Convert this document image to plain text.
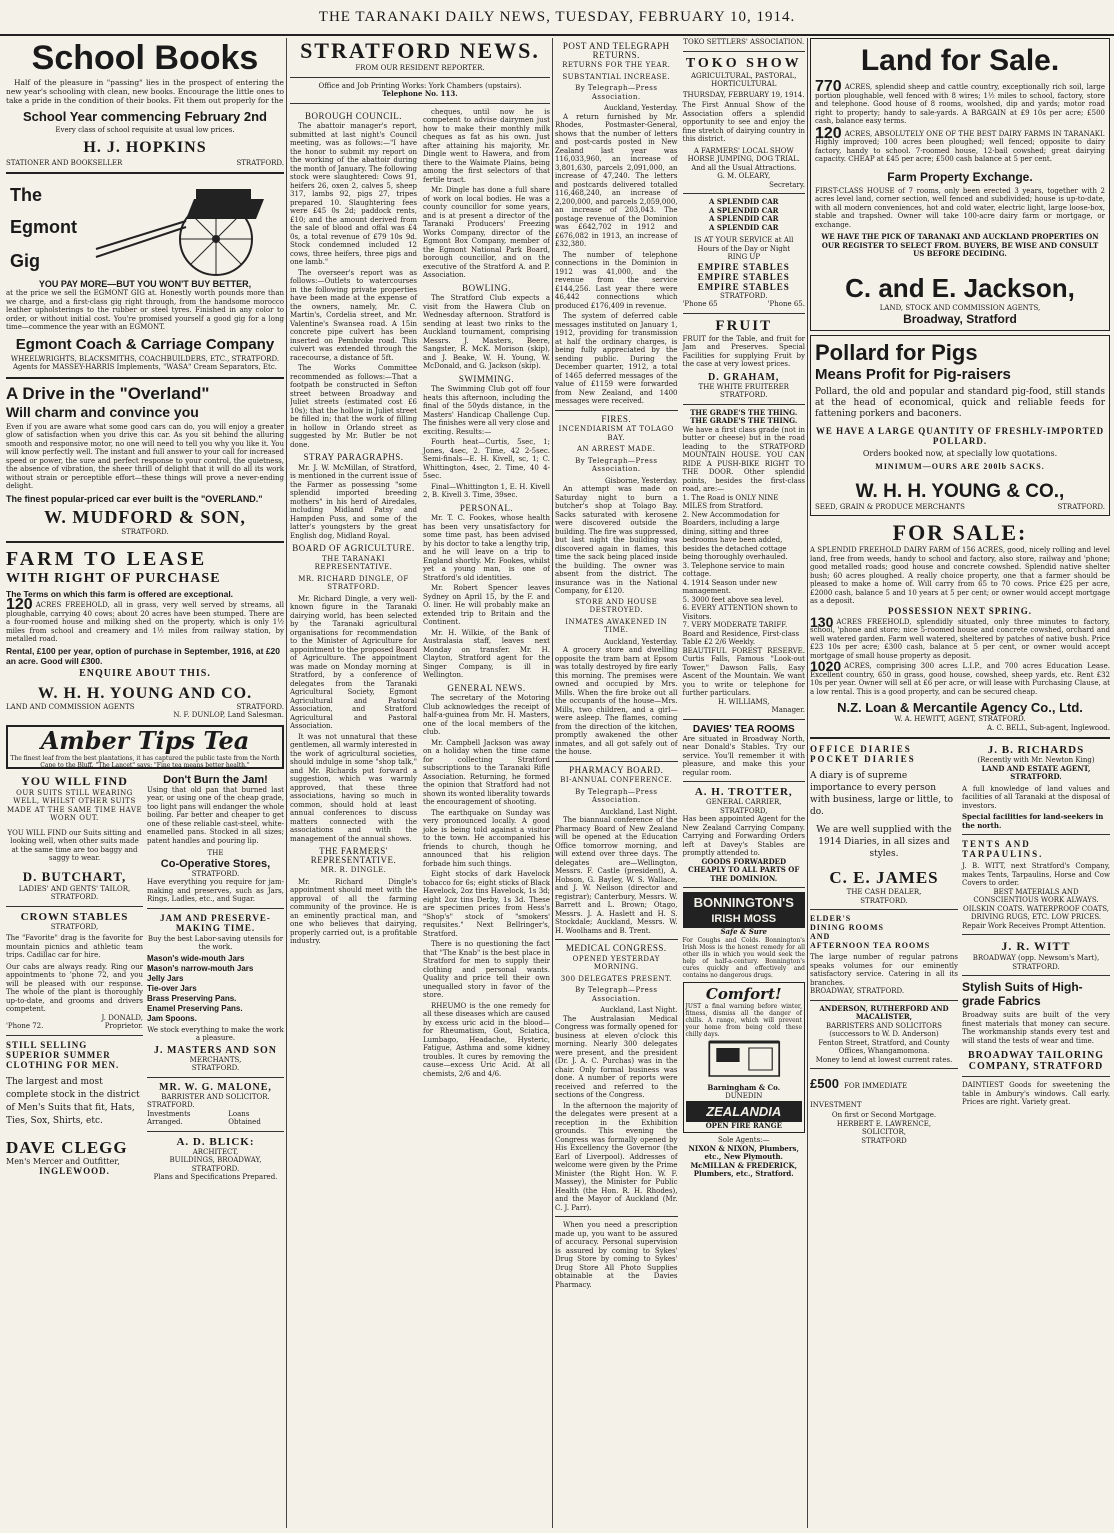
THE TARANAKI DAILY NEWS, TUESDAY, FEBRUARY 10, 1914.
School Books
Half of the pleasure in "passing" lies in the prospect of entering the new year's schooling with clean, new books. Encourage the little ones to take a pride in the condition of their books. Fit them out properly for the
School Year commencing February 2nd
Every class of school requisite at usual low prices.
H. J. HOPKINS
STATIONER AND BOOKSELLER	STRATFORD.
The
Egmont
Gig
YOU PAY MORE—BUT YOU WON'T BUY BETTER,
at the price we sell the EGMONT GIG at. Honestly worth pounds more than we charge, and a first-class gig right through, from the handsome morocco leather upholsterings to the rubber or steel tyres. Finished in any color to order, or without initial cost. You're promised yourself a good gig for a long time—commence the year with an EGMONT.
Egmont Coach & Carriage Company
WHEELWRIGHTS, BLACKSMITHS, COACHBUILDERS, ETC., STRATFORD.
Agents for MASSEY-HARRIS Implements, "WASA" Cream Separators, Etc.
A Drive in the "Overland"
Will charm and convince you
Even if you are aware what some good cars can do, you will enjoy a greater glow of satisfaction when you drive this car. As you sit behind the alluring smooth and responsive motor, no one will need to tell you why you like it. You will know perfectly well. The instant and full answer to your call for increased speed or power, the sure and perfect response to your control, the quietness, the absence of vibration, the sheer thrill of delight that it will do all its work without strain or perceptible effort—these things will prove a never-ending delight.
The finest popular-priced car ever built is the "OVERLAND."
W. MUDFORD & SON,
STRATFORD.
FARM TO LEASE
WITH RIGHT OF PURCHASE
The Terms on which this farm is offered are exceptional.
120 ACRES FREEHOLD, all in grass, very well served by streams, all ploughable, carrying 40 cows; about 20 acres have been stumped. There are a four-roomed house and milking shed on the property, which is only 1½ miles from school and creamery and 1½ miles from railway station, by metalled road.
Rental, £100 per year, option of purchase in September, 1916, at £20 an acre. Good will £300.
ENQUIRE ABOUT THIS.
W. H. H. YOUNG AND CO.
LAND AND COMMISSION AGENTS	STRATFORD.
N. F. DUNLOP, Land Salesman.
Amber Tips Tea
The finest leaf from the best plantations, it has captured the public taste from the North Cape to the Bluff. "The Lancet" says: "Fine tea means better health."
YOU WILL FIND
OUR SUITS STILL WEARING WELL, WHILST OTHER SUITS MADE AT THE SAME TIME HAVE WORN OUT.
YOU WILL FIND our Suits sitting and looking well, when other suits made at the same time are too baggy and saggy to wear.
D. BUTCHART,
LADIES' AND GENTS' TAILOR,
STRATFORD.
CROWN STABLES
STRATFORD,
The "Favorite" drag is the favorite for mountain picnics and athletic team trips. Cadillac car for hire.
Our cabs are always ready. Ring our appointments to 'phone 72, and you will be pleased with our response. The whole of the plant is thoroughly up-to-date, and grooms and drivers competent.
J. DONALD,
'Phone 72.	Proprietor.
STILL SELLING
SUPERIOR SUMMER
CLOTHING FOR MEN.
The largest and most complete stock in the district of Men's Suits that fit, Hats, Ties, Sox, Shirts, etc.
DAVE CLEGG
Men's Mercer and Outfitter,
INGLEWOOD.
Don't Burn the Jam!
Using that old pan that burned last year, or using one of the cheap grade, too light pans will endanger the whole boiling. Far better and cheaper to get one of these reliable cast-steel, white-enamelled pans. Stocked in all sizes; patent handles and pouring lip.
THE
Co-Operative Stores,
STRATFORD.
Have everything you require for jam-making and preserves, such as Jars, Rings, Ladles, etc., and Sugar.
JAM AND PRESERVE-MAKING TIME.
Buy the best Labor-saving utensils for the work.
Mason's wide-mouth Jars
Mason's narrow-mouth Jars
Jelly Jars
Tie-over Jars
Brass Preserving Pans.
Enamel Preserving Pans.
Jam Spoons.
We stock everything to make the work a pleasure.
J. MASTERS AND SON
MERCHANTS,
STRATFORD.
MR. W. G. MALONE,
BARRISTER AND SOLICITOR.
STRATFORD.
Investments Arranged.
Loans Obtained
A. D. BLICK:
ARCHITECT,
BUILDINGS, BROADWAY, STRATFORD.
Plans and Specifications Prepared.
STRATFORD NEWS.
FROM OUR RESIDENT REPORTER.
Office and Job Printing Works: York Chambers (upstairs).
Telephone No. 113.
BOROUGH COUNCIL.

The abattoir manager's report, submitted at last night's Council meeting, was as follows:—"I have the honor to submit my report on the working of the abattoir during the month of January. The following stock were slaughtered: Cows 91, heifers 26, oxen 2, calves 5, sheep 317, lambs 92, pigs 27, tripes prepared 10. Slaughtering fees were £45 0s 2d; paddock rents, £10; and the amount derived from the sale of blood and offal was £4 0s, a total revenue of £79 10s 9d. Stock condemned included 12 cows, three heifers, three pigs and one lamb."

The overseer's report was as follows:—Outlets to watercourses in the following private properties have been made at the expense of the owners, namely, Mr. C. Martin's, Cordelia street, and Mr. Valentine's Swansea road. A 15in concrete pipe culvert has been inserted on Pembroke road. This culvert was extended through the racecourse, a distance of 5ft.

The Works Committee recommended as follows:—That a footpath be constructed in Sefton street between Broadway and Juliet streets (estimated cost £6 10s); that the hollow in Juliet street be filled in; that the work of filling in hollow in Orlando street as suggested by Mr. Butler be not done.

STRAY PARAGRAPHS.

Mr. J. W. McMillan, of Stratford, is mentioned in the current issue of the Farmer as possessing "some splendid imported breeding mothers" in his herd of Airedales, including Midland Patsy and Hampden Puss, and some of the latter's youngsters by the great English dog, Midland Royal.

BOARD OF AGRICULTURE.
THE TARANAKI REPRESENTATIVE.
MR. RICHARD DINGLE, OF STRATFORD.

Mr. Richard Dingle, a very well-known figure in the Taranaki dairying world, has been selected by the Taranaki agricultural organisations for recommendation to the Minister of Agriculture for appointment to the proposed Board of Agriculture. The appointment was made on Monday morning at Stratford, by a conference of delegates from the Taranaki Agricultural Society, Egmont Agricultural and Pastoral Association, and Stratford Agricultural and Pastoral Association.

It was not unnatural that these gentlemen, all warmly interested in the work of agricultural societies, should indulge in some "shop talk," and Mr. Richards put forward a suggestion, which was warmly approved, that these three associations, having so much in common, should hold at least annual conferences to discuss matters connected with the associations and with the management of the annual shows.

THE FARMERS' REPRESENTATIVE.
MR. R. DINGLE.

Mr. Richard Dingle's appointment should meet with the approval of all the farming community of the province. He is an eminently practical man, and one who believes that dairying, properly carried out, is a profitable industry.

cheques, until now he is competent to advise dairymen just how to make their monthly milk cheques as fat as his own. Just after attaining his majority, Mr. Dingle went to Hawera, and from there to the Waimate Plains, being among the first selectors of that fertile tract.

Mr. Dingle has done a full share of work on local bodies. He was a county councillor for some years, and is at present a director of the Taranaki Producers' Freezing Works Company, director of the Egmont Box Company, member of the Egmont National Park Board, borough councillor, and on the executive of the Stratford A. and P. Association.

BOWLING.

The Stratford Club expects a visit from the Hawera Club on Wednesday afternoon. Stratford is sending at least two rinks to the Auckland tournament, comprising Messrs. J. Masters, Beere, Sangster, R. McK. Morison (skip), and J. Beake, W. H. Young, W. McDonald, and G. Jackson (skip).

SWIMMING.

The Swimming Club got off four heats this afternoon, including the final of the 50yds distance, in the Masters' Handicap Challenge Cup. The finishes were all very close and exciting. Results:—

Fourth heat—Curtis, 5sec, 1; Jones, 4sec, 2. Time, 42 2-5sec. Semi-finals—E. H. Kivell, sc, 1; C. Whittington, 4sec, 2. Time, 40 4-5sec.

Final—Whittington 1, E. H. Kivell 2, B. Kivell 3. Time, 39sec.

PERSONAL.

Mr. T. C. Fookes, whose health has been very unsatisfactory for some time past, has been advised by his doctor to take a lengthy trip, and he will leave on a trip to England shortly. Mr. Fookes, whilst yet a young man, is one of Stratford's old identities.

Mr. Robert Spencer leaves Sydney on April 15, by the F. and O. liner. He will probably make an extended trip to Britain and the Continent.

Mr. H. Wilkie, of the Bank of Australasia staff, leaves next Monday on transfer. Mr. H. Clayton, Stratford agent for the Singer Company, is ill in Wellington.

GENERAL NEWS.

The secretary of the Motoring Club acknowledges the receipt of half-a-guinea from Mr. H. Masters, one of the local members of the club.

Mr. Campbell Jackson was away on a holiday when the time came for collecting Stratford subscriptions to the Taranaki Rifle Association. Returning, he formed the opinion that Stratford had not shown its wonted liberality towards the encouragement of shooting.

The earthquake on Sunday was very pronounced locally. A good joke is being told against a visitor to the town. He accompanied his friends to church, though he announced that his religion forbade him such things.

Eight stocks of dark Havelock tobacco for 6s; eight sticks of Black Havelock, 2oz tins Havelock, 1s 3d; eight 2oz tins Derby, 1s 3d. These are specimen prices from Hess's "Shop's" stock of "smokers' requisites." Next Bellringer's, Stratford.

There is no questioning the fact that "The Knab" is the best place in Stratford for men to supply their clothing and personal wants. Quality and price tell their own unequalled story in favor of the store.

RHEUMO is the one remedy for all these diseases which are caused by excess uric acid in the blood—for Rheumatism, Gout, Sciatica, Lumbago, Headache, Hysteric, Fatigue, Asthma and some kidney troubles. It cures by removing the cause—excess Uric Acid. At all chemists, 2/6 and 4/6.

POST AND TELEGRAPH RETURNS.
RETURNS FOR THE YEAR.
SUBSTANTIAL INCREASE.
By Telegraph—Press Association.
Auckland, Yesterday.

A return furnished by Mr. Rhodes, Postmaster-General, shows that the number of letters and post-cards posted in New Zealand last year was 116,033,960, an increase of 3,801,630, parcels 2,091,000, an increase of 47,240. The letters and postcards delivered totalled 116,468,240, an increase of 2,200,000, and parcels 2,059,000, an increase of 203,043. The postage revenue of the Dominion was £642,702 in 1912 and £676,082 in 1913, an increase of £32,380.

The number of telephone connections in the Dominion in 1912 was 41,000, and the revenue from the service £144,256. Last year there were 46,442 connections which produced £176,409 in revenue.

The system of deferred cable messages instituted on January 1, 1912, providing for transmission at half the ordinary charges, is being fully appreciated by the sending public. During the December quarter, 1912, a total of 1465 deferred messages of the value of £1159 were forwarded from New Zealand, and 1400 messages were received.

FIRES.
INCENDIARISM AT TOLAGO BAY.
AN ARREST MADE.
By Telegraph—Press Association.
Gisborne, Yesterday.

An attempt was made on Saturday night to burn a butcher's shop at Tolago Bay. Sacks saturated with kerosene were discovered outside the building. The fire was suppressed, but last night the building was discovered again in flames, this time the sack being placed inside the building. The owner was absent from the district. The insurance was in the National Company, for £120.

STORE AND HOUSE DESTROYED.
INMATES AWAKENED IN TIME.
Auckland, Yesterday.

A grocery store and dwelling opposite the tram barn at Epsom was totally destroyed by fire early this morning. The premises were owned and occupied by Mrs. Mills. When the fire broke out all the occupants of the house—Mrs. Mills, two children, and a girl—were asleep. The flames, coming from the direction of the kitchen, promptly awakened the other inmates, and all got safely out of the house.

PHARMACY BOARD.
BI-ANNUAL CONFERENCE.
By Telegraph—Press Association.
Auckland, Last Night.

The biannual conference of the Pharmacy Board of New Zealand will be opened at the Education Office tomorrow morning, and will extend over three days. The delegates are—Wellington, Messrs. F. Castle (president), A. Hobson, G. Bayley, W. S. Wallace, and J. W. Neilson (director and registrar); Canterbury, Messrs. W. Barrett and L. Brown; Otago, Messrs. J. A. Haslett and H. S. Stockdale; Auckland, Messrs. W. H. Woolhams and B. Trent.

MEDICAL CONGRESS.
OPENED YESTERDAY MORNING.
300 DELEGATES PRESENT.
By Telegraph—Press Association.
Auckland, Last Night.

The Australasian Medical Congress was formally opened for business at eleven o'clock this morning. Nearly 300 delegates were present, and the president (Dr. J. A. C. Purchas) was in the chair. Only formal business was done. A number of reports were received and referred to the sections of the Congress.

In the afternoon the majority of the delegates were present at a reception in the Exhibition grounds. This evening the Congress was formally opened by His Excellency the Governor (the Earl of Liverpool). Addresses of welcome were given by the Prime Minister (the Right Hon. W. F. Massey), the Minister for Public Health (the Hon. R. H. Rhodes), and the Mayor of Auckland (Mr. C. J. Parr).

When you need a prescription made up, you want to be assured of accuracy. Personal supervision is assured by coming to Sykes' Drug Store by coming to Sykes' Drug Store All Photo Supplies obtainable at the Davies Pharmacy.

TOKO SETTLERS' ASSOCIATION.
TOKO SHOW
AGRICULTURAL, PASTORAL, HORTICULTURAL
THURSDAY, FEBRUARY 19, 1914.
The First Annual Show of the Association offers a splendid opportunity to see and enjoy the fine stretch of dairying country in this district.
A FARMERS' LOCAL SHOW HORSE JUMPING, DOG TRIAL. And all the Usual Attractions.
G. M. OLEARY,
Secretary.
A SPLENDID CAR
A SPLENDID CAR
A SPLENDID CAR
A SPLENDID CAR
IS AT YOUR SERVICE at All Hours of the Day or Night
RING UP
EMPIRE STABLES
EMPIRE STABLES
EMPIRE STABLES
STRATFORD.
'Phone 65	'Phone 65.
FRUIT
FRUIT for the Table, and fruit for Jam and Preserves. Special Facilities for supplying Fruit by the case at very lowest prices.
D. GRAHAM,
THE WHITE FRUITERER
STRATFORD.
THE GRADE'S THE THING.
THE GRADE'S THE THING.
We have a first class grade (not in butter or cheese) but in the road leading to the STRATFORD MOUNTAIN HOUSE. YOU CAN RIDE A PUSH-BIKE RIGHT TO THE DOOR. Other splendid points, besides the first-class road, are:—
1. The Road is ONLY NINE MILES from Stratford.
2. New Accommodation for Boarders, including a large dining, sitting and three bedrooms have been added, besides the detached cottage being thoroughly overhauled.
3. Telephone service to main cottage.
4. 1914 Season under new management.
5. 3000 feet above sea level.
6. EVERY ATTENTION shown to Visitors.
7. VERY MODERATE TARIFF. Board and Residence, First-class Table £2 2/6 Weekly.
BEAUTIFUL FOREST RESERVE. Curtis Falls, Famous "Look-out Tower," Dawson Falls, Easy Ascent of the Mountain. We want you to write or telephone for further particulars.
H. WILLIAMS,
Manager.
DAVIES' TEA ROOMS
Are situated in Broadway North, near Donald's Stables. Try our service. You'll remember it with pleasure, and make this your regular room.
A. H. TROTTER,
GENERAL CARRIER, STRATFORD,
Has been appointed Agent for the New Zealand Carrying Company. Carrying and Forwarding Orders left at Davey's Stables are promptly attended to.
GOODS FORWARDED CHEAPLY TO ALL PARTS OF THE DOMINION.
BONNINGTON'S
IRISH MOSS
Safe & Sure
For Coughs and Colds. Bonnington's Irish Moss is the honest remedy for all other ills in which you would seek the help of half-a-century. Bonnington's cures quickly and effectively and contains no dangerous drugs.
Comfort!
JUST a final warning before winter, fitness, dismiss all the danger of chills. A range, which will prevent your home from being cold these chilly days.
Barningham & Co.
DUNEDIN
ZEALANDIA
OPEN FIRE RANGE
Sole Agents:—
NIXON & NIXON, Plumbers, etc., New Plymouth.
McMILLAN & FREDERICK, Plumbers, etc., Stratford.
Land for Sale.
770 ACRES, splendid sheep and cattle country, exceptionally rich soil, large portion ploughable, well fenced with 8 wires; 1½ miles to school, factory, store and telephone. Good house of 8 rooms, woolshed, dip and yards; motor road right to property; handy to sale-yards. A BARGAIN at £9 10s per acre; £500 cash, balance easy terms.
120 ACRES, ABSOLUTELY ONE OF THE BEST DAIRY FARMS IN TARANAKI. Highly improved; 100 acres been ploughed; well fenced; opposite to dairy factory, handy to school. 7-roomed house, 12-bail cowshed; great dairying capacity. CHEAP at £45 per acre; £500 cash balance at 5 per cent.
Farm Property Exchange.
FIRST-CLASS HOUSE of 7 rooms, only been erected 3 years, together with 2 acres level land, corner section, well fenced and subdivided; house is up-to-date, with all modern conveniences, hot and cold water, electric light, large loose-box, stable and trapshed. Owner will take 100-acre dairy farm or mortgage, or exchange.
WE HAVE THE PICK OF TARANAKI AND AUCKLAND PROPERTIES ON OUR REGISTER TO SELECT FROM. BUYERS, BE WISE AND CONSULT US BEFORE DECIDING.
C. and E. Jackson,
LAND, STOCK AND COMMISSION AGENTS,
Broadway, Stratford
Pollard for Pigs
Means Profit for Pig-raisers
Pollard, the old and popular and standard pig-food, still stands at the head of economical, quick and reliable feeds for fattening porkers and baconers.
WE HAVE A LARGE QUANTITY OF FRESHLY-IMPORTED POLLARD.
Orders booked now, at specially low quotations.
MINIMUM—OURS ARE 200lb SACKS.
W. H. H. YOUNG & CO.,
SEED, GRAIN & PRODUCE MERCHANTS	STRATFORD.
FOR SALE:
A SPLENDID FREEHOLD DAIRY FARM of 156 ACRES, good, nicely rolling and level land, free from weeds, handy to school and factory, also store, railway and 'phone; good metalled roads; good house and concrete cowshed. Splendid native shelter bush; 60 acres ploughed. A really choice property, one that a farmer should be pleased to make a home of. Will carry from 65 to 70 cows. Price £25 per acre, £2000 cash, balance 5 and 10 years at 5 per cent; or owner would accept mortgage as a deposit.
POSSESSION NEXT SPRING.
130 ACRES FREEHOLD, splendidly situated, only three minutes to factory, school, 'phone and store; nice 5-roomed house and concrete cowshed, orchard and well watered garden. Farm well watered, sheltered by patches of native bush. Price £23 10s per acre; £300 cash, balance at 5 per cent, or owner would accept mortgage of small house property as deposit.
1020 ACRES, comprising 300 acres L.I.P., and 700 acres Education Lease. Excellent country, 650 in grass, good house, cowshed, sheep yards, etc. Rent £32 10s per year. Owner will sell at £6 per acre, or will lease with Purchasing Clause, at a low rental. This is a good property, and can be secured cheap.
N.Z. Loan & Mercantile Agency Co., Ltd.
W. A. HEWITT, AGENT, STRATFORD.
A. C. BELL, Sub-agent, Inglewood.
OFFICE DIARIES
POCKET DIARIES
A diary is of supreme importance to every person with business, large or little, to do.
We are well supplied with the 1914 Diaries, in all sizes and styles.
C. E. JAMES
THE CASH DEALER,
STRATFORD.
ELDER'S
DINING ROOMS
AND
AFTERNOON TEA ROOMS
The large number of regular patrons speaks volumes for our eminently satisfactory service. Catering in all its branches.
BROADWAY, STRATFORD.
ANDERSON, RUTHERFORD AND MACALISTER,
BARRISTERS AND SOLICITORS
(successors to W. D. Anderson)
Fenton Street, Stratford, and County Offices, Whangamomona.
Money to lend at lowest current rates.
£500 FOR IMMEDIATE INVESTMENT
On first or Second Mortgage.
HERBERT E. LAWRENCE,
SOLICITOR,
STRATFORD
J. B. RICHARDS
(Recently with Mr. Newton King)
LAND AND ESTATE AGENT, STRATFORD.
A full knowledge of land values and facilities of all Taranaki at the disposal of investors.
Special facilities for land-seekers in the north.
TENTS AND
TARPAULINS.
J. B. WITT, next Stratford's Company, makes Tents, Tarpaulins, Horse and Cow Covers to order.
BEST MATERIALS AND CONSCIENTIOUS WORK ALWAYS.
OILSKIN COATS. WATERPROOF COATS, DRIVING RUGS, ETC. LOW PRICES.
Repair Work Receives Prompt Attention.
J. R. WITT
BROADWAY (opp. Newsom's Mart), STRATFORD.
Stylish Suits of High-grade Fabrics
Broadway suits are built of the very finest materials that money can secure. The workmanship stands every test and will stand the tests of wear and time.
BROADWAY TAILORING COMPANY, STRATFORD
DAINTIEST Goods for sweetening the table in Ambury's windows. Call early. Prices are right. Variety great.
